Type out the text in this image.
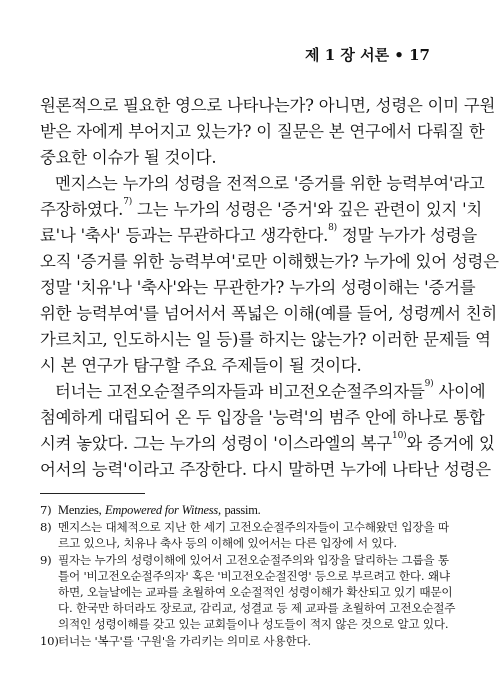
제 1 장 서론 • 17
원론적으로 필요한 영으로 나타나는가? 아니면, 성령은 이미 구원
받은 자에게 부어지고 있는가? 이 질문은 본 연구에서 다뤄질 한
중요한 이슈가 될 것이다.
멘지스는 누가의 성령을 전적으로 '증거를 위한 능력부여'라고
주장하였다.$^{7)}$ 그는 누가의 성령은 '증거'와 깊은 관련이 있지 '치
료'나 '축사' 등과는 무관하다고 생각한다.$^{8)}$ 정말 누가가 성령을
오직 '증거를 위한 능력부여'로만 이해했는가? 누가에 있어 성령은
정말 '치유'나 '축사'와는 무관한가? 누가의 성령이해는 '증거를
위한 능력부여'를 넘어서서 폭넓은 이해(예를 들어, 성령께서 친히
가르치고, 인도하시는 일 등)를 하지는 않는가? 이러한 문제들 역
시 본 연구가 탐구할 주요 주제들이 될 것이다.
터너는 고전오순절주의자들과 비고전오순절주의자들$^{9)}$ 사이에
첨예하게 대립되어 온 두 입장을 '능력'의 범주 안에 하나로 통합
시켜 놓았다. 그는 누가의 성령이 '이스라엘의 복구$^{10)}$와 증거에 있
어서의 능력'이라고 주장한다. 다시 말하면 누가에 나타난 성령은
7) Menzies, Empowered for Witness, passim.
8) 멘지스는 대체적으로 지난 한 세기 고전오순절주의자들이 고수해왔던 입장을 따
르고 있으나, 치유나 축사 등의 이해에 있어서는 다른 입장에 서 있다.
9) 필자는 누가의 성령이해에 있어서 고전오순절주의와 입장을 달리하는 그룹을 통
틀어 '비고전오순절주의자' 혹은 '비고전오순절진영' 등으로 부르려고 한다. 왜냐
하면, 오늘날에는 교파를 초월하여 오순절적인 성령이해가 확산되고 있기 때문이
다. 한국만 하더라도 장로교, 감리교, 성결교 등 제 교파를 초월하여 고전오순절주
의적인 성령이해를 갖고 있는 교회들이나 성도들이 적지 않은 것으로 알고 있다.
10)터너는 '복구'를 '구원'을 가리키는 의미로 사용한다.
